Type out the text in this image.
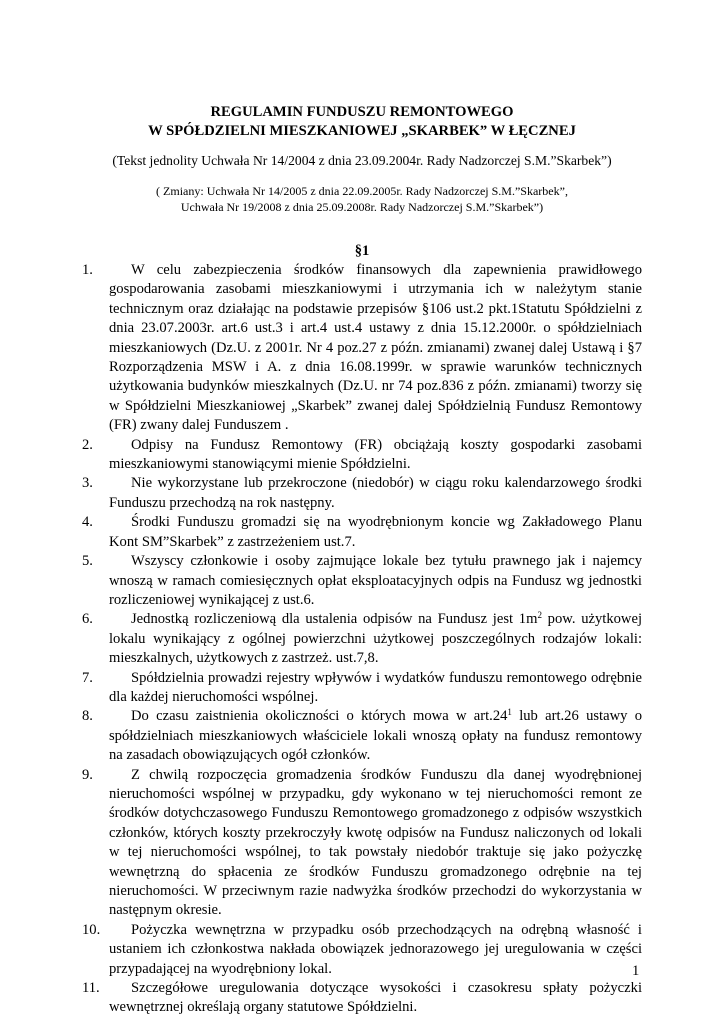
REGULAMIN FUNDUSZU REMONTOWEGO
W SPÓŁDZIELNI MIESZKANIOWEJ „SKARBEK” W ŁĘCZNEJ
(Tekst jednolity Uchwała Nr 14/2004 z dnia 23.09.2004r. Rady Nadzorczej S.M.”Skarbek”)
( Zmiany: Uchwała Nr 14/2005 z dnia 22.09.2005r. Rady Nadzorczej S.M.”Skarbek”,
Uchwała Nr 19/2008 z dnia 25.09.2008r. Rady Nadzorczej S.M.”Skarbek”)
§1
1.	W celu zabezpieczenia środków finansowych dla zapewnienia prawidłowego gospodarowania zasobami mieszkaniowymi i utrzymania ich w należytym stanie technicznym oraz działając na podstawie przepisów §106 ust.2 pkt.1Statutu Spółdzielni z dnia 23.07.2003r. art.6 ust.3 i art.4 ust.4 ustawy z dnia 15.12.2000r. o spółdzielniach mieszkaniowych (Dz.U. z 2001r. Nr 4 poz.27 z późn. zmianami) zwanej dalej Ustawą i §7 Rozporządzenia MSW i A. z dnia 16.08.1999r. w sprawie warunków technicznych użytkowania budynków mieszkalnych (Dz.U. nr 74 poz.836 z późn. zmianami) tworzy się w Spółdzielni Mieszkaniowej „Skarbek” zwanej dalej Spółdzielnią Fundusz Remontowy (FR) zwany dalej Funduszem .
2.	Odpisy na Fundusz Remontowy (FR) obciążają koszty gospodarki zasobami mieszkaniowymi stanowiącymi mienie Spółdzielni.
3.	Nie wykorzystane lub przekroczone (niedobór) w ciągu roku kalendarzowego środki Funduszu przechodzą na rok następny.
4.	Środki Funduszu gromadzi się na wyodrębnionym koncie wg Zakładowego Planu Kont SM”Skarbek” z zastrzeżeniem ust.7.
5.	Wszyscy członkowie i osoby zajmujące lokale bez tytułu prawnego jak i najemcy wnoszą w ramach comiesięcznych opłat eksploatacyjnych odpis na Fundusz wg jednostki rozliczeniowej wynikającej z ust.6.
6.	Jednostką rozliczeniową dla ustalenia odpisów na Fundusz jest $1m^2$ pow. użytkowej lokalu wynikający z ogólnej powierzchni użytkowej poszczególnych rodzajów lokali: mieszkalnych, użytkowych z zastrzeż. ust.7,8.
7.	Spółdzielnia prowadzi rejestry wpływów i wydatków funduszu remontowego odrębnie dla każdej nieruchomości wspólnej.
8.	Do czasu zaistnienia okoliczności o których mowa w $art.24^1$ lub art.26 ustawy o spółdzielniach mieszkaniowych właściciele lokali wnoszą opłaty na fundusz remontowy na zasadach obowiązujących ogół członków.
9.	Z chwilą rozpoczęcia gromadzenia środków Funduszu dla danej wyodrębnionej nieruchomości wspólnej w przypadku, gdy wykonano w tej nieruchomości remont ze środków dotychczasowego Funduszu Remontowego gromadzonego z odpisów wszystkich członków, których koszty przekroczyły kwotę odpisów na Fundusz naliczonych od lokali w tej nieruchomości wspólnej, to tak powstały niedobór traktuje się jako pożyczkę wewnętrzną do spłacenia ze środków Funduszu gromadzonego odrębnie na tej nieruchomości. W przeciwnym razie nadwyżka środków przechodzi do wykorzystania w następnym okresie.
10.	Pożyczka wewnętrzna w przypadku osób przechodzących na odrębną własność i ustaniem ich członkostwa nakłada obowiązek jednorazowego jej uregulowania w części przypadającej na wyodrębniony lokal.
11.	Szczegółowe uregulowania dotyczące wysokości i czasokresu spłaty pożyczki wewnętrznej określają organy statutowe Spółdzielni.
1
